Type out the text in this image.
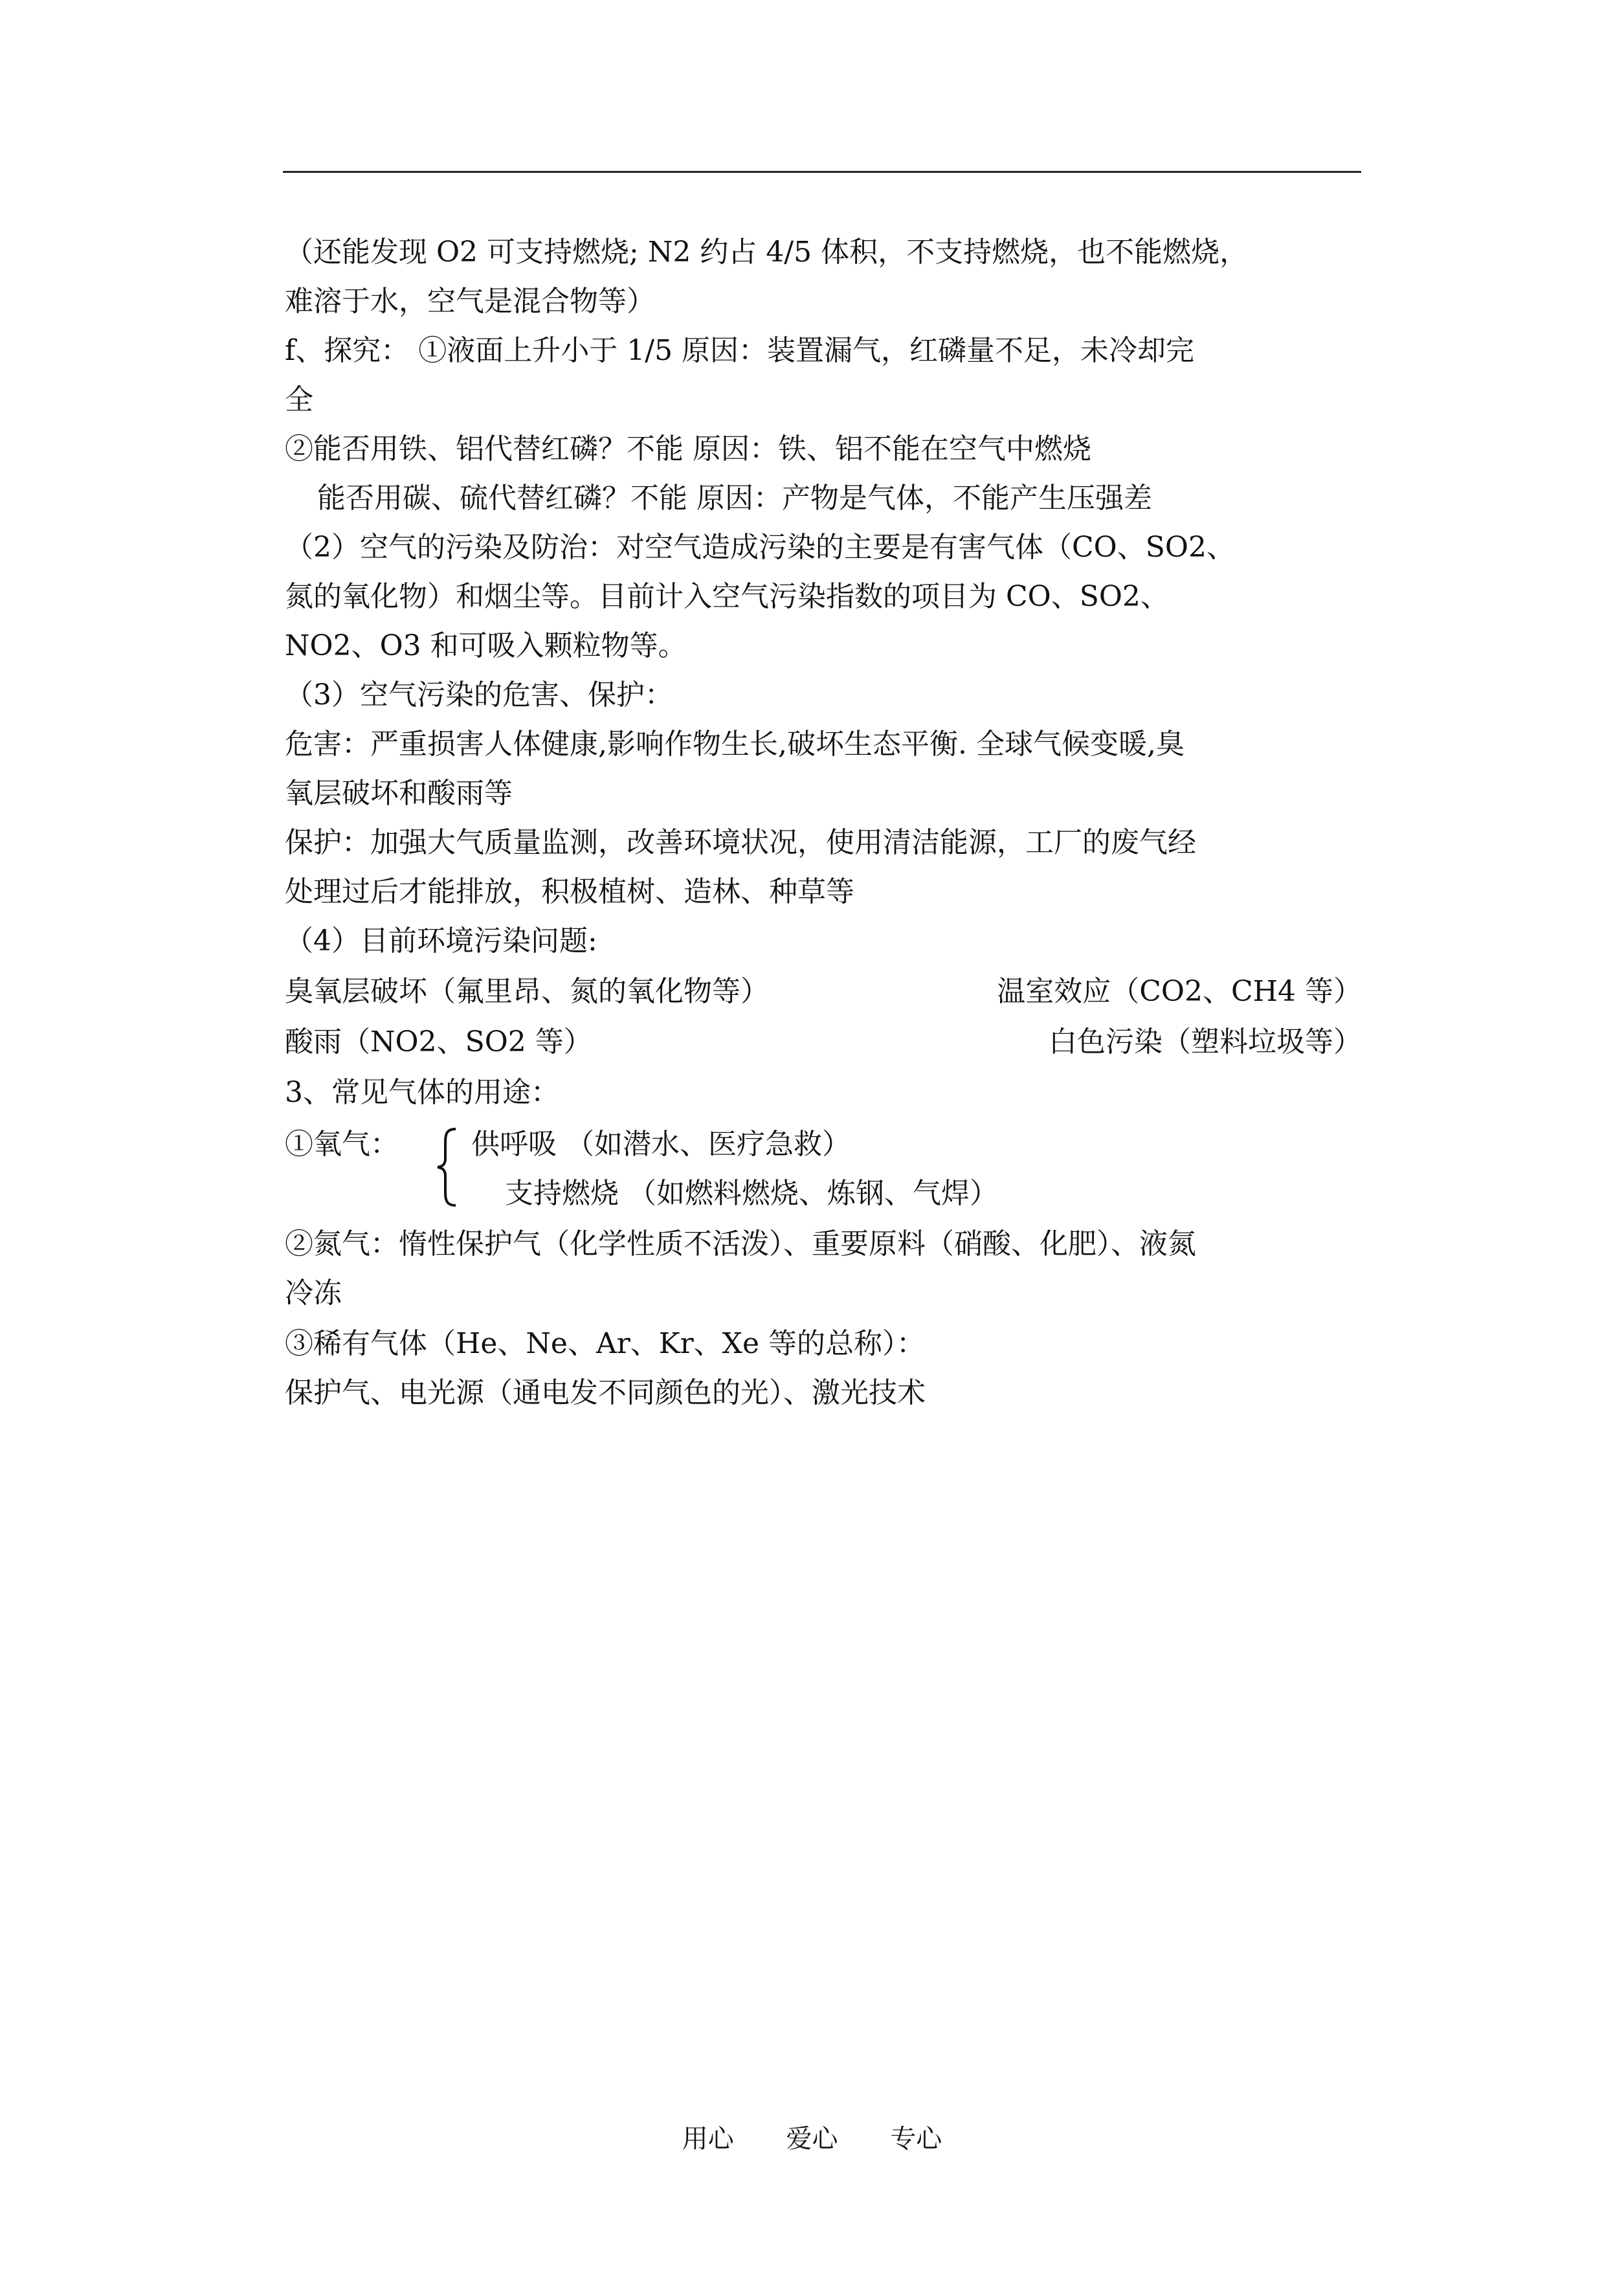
（还能发现 O2 可支持燃烧; N2 约占 4/5 体积，不支持燃烧，也不能燃烧，
难溶于水，空气是混合物等）
f、探究： ①液面上升小于 1/5 原因：装置漏气，红磷量不足，未冷却完
全
②能否用铁、铝代替红磷？不能 原因：铁、铝不能在空气中燃烧
能否用碳、硫代替红磷？不能 原因：产物是气体，不能产生压强差
（2）空气的污染及防治：对空气造成污染的主要是有害气体（CO、SO2、
氮的氧化物）和烟尘等。目前计入空气污染指数的项目为 CO、SO2、
NO2、O3 和可吸入颗粒物等。
（3）空气污染的危害、保护：
危害：严重损害人体健康,影响作物生长,破坏生态平衡. 全球气候变暖,臭
氧层破坏和酸雨等
保护：加强大气质量监测，改善环境状况，使用清洁能源，工厂的废气经
处理过后才能排放，积极植树、造林、种草等
（4）目前环境污染问题:
臭氧层破坏（氟里昂、氮的氧化物等）	温室效应（CO2、CH4 等）
酸雨（NO2、SO2 等）	白色污染（塑料垃圾等）
3、常见气体的用途：
①氧气：	供呼吸 （如潜水、医疗急救）
支持燃烧 （如燃料燃烧、炼钢、气焊）
②氮气：惰性保护气（化学性质不活泼）、重要原料（硝酸、化肥）、液氮
冷冻
③稀有气体（He、Ne、Ar、Kr、Xe 等的总称）：
保护气、电光源（通电发不同颜色的光）、激光技术
用心 爱心 专心
